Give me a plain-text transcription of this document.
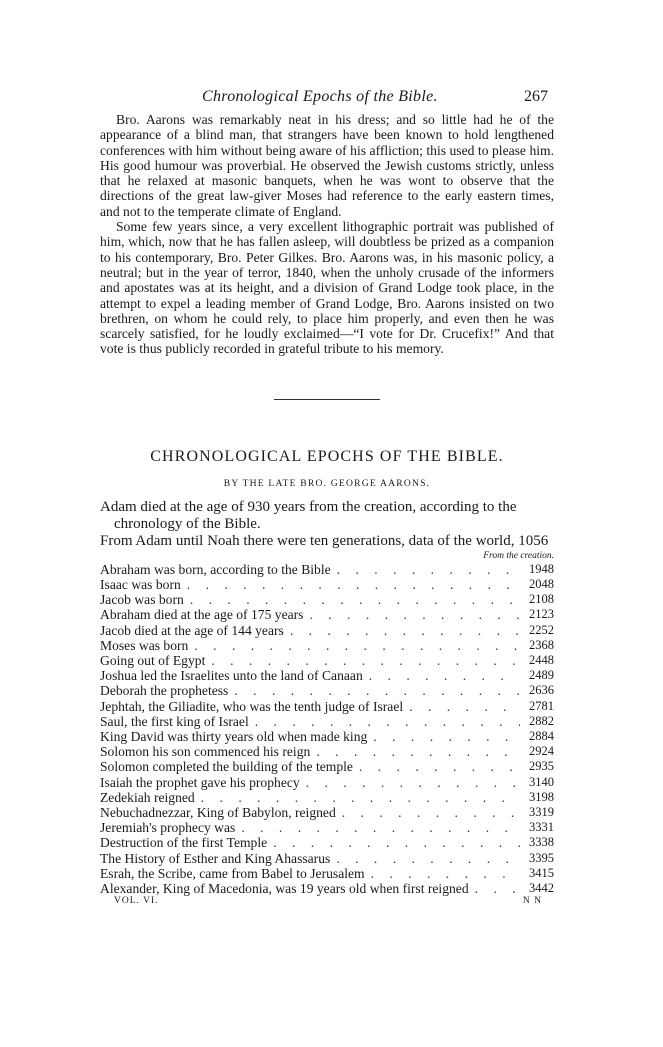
Chronological Epochs of the Bible.	267

Bro. Aarons was remarkably neat in his dress; and so little had he of the appearance of a blind man, that strangers have been known to hold lengthened conferences with him without being aware of his affliction; this used to please him. His good humour was proverbial. He observed the Jewish customs strictly, unless that he relaxed at masonic banquets, when he was wont to observe that the directions of the great law-giver Moses had reference to the early eastern times, and not to the temperate climate of England.

Some few years since, a very excellent lithographic portrait was published of him, which, now that he has fallen asleep, will doubtless be prized as a companion to his contemporary, Bro. Peter Gilkes. Bro. Aarons was, in his masonic policy, a neutral; but in the year of terror, 1840, when the unholy crusade of the informers and apostates was at its height, and a division of Grand Lodge took place, in the attempt to expel a leading member of Grand Lodge, Bro. Aarons insisted on two brethren, on whom he could rely, to place him properly, and even then he was scarcely satisfied, for he loudly exclaimed—“I vote for Dr. Crucefix!” And that vote is thus publicly recorded in grateful tribute to his memory.

CHRONOLOGICAL EPOCHS OF THE BIBLE.
BY THE LATE BRO. GEORGE AARONS.

Adam died at the age of 930 years from the creation, according to the chronology of the Bible.

From Adam until Noah there were ten generations, data of the world, 1056

From the creation.
Abraham was born, according to the Bible . . .	1948
Isaac was born . . .	2048
Jacob was born . . .	2108
Abraham died at the age of 175 years . . .	2123
Jacob died at the age of 144 years . . .	2252
Moses was born . . .	2368
Going out of Egypt . . .	2448
Joshua led the Israelites unto the land of Canaan . . .	2489
Deborah the prophetess . . .	2636
Jephtah, the Giliadite, who was the tenth judge of Israel . . .	2781
Saul, the first king of Israel . . .	2882
King David was thirty years old when made king . . .	2884
Solomon his son commenced his reign . . .	2924
Solomon completed the building of the temple . . .	2935
Isaiah the prophet gave his prophecy . . .	3140
Zedekiah reigned . . .	3198
Nebuchadnezzar, King of Babylon, reigned . . .	3319
Jeremiah's prophecy was . . .	3331
Destruction of the first Temple . . .	3338
The History of Esther and King Ahassarus . . .	3395
Esrah, the Scribe, came from Babel to Jerusalem . . .	3415
Alexander, King of Macedonia, was 19 years old when first reigned . . .	3442
VOL. VI.	N N
